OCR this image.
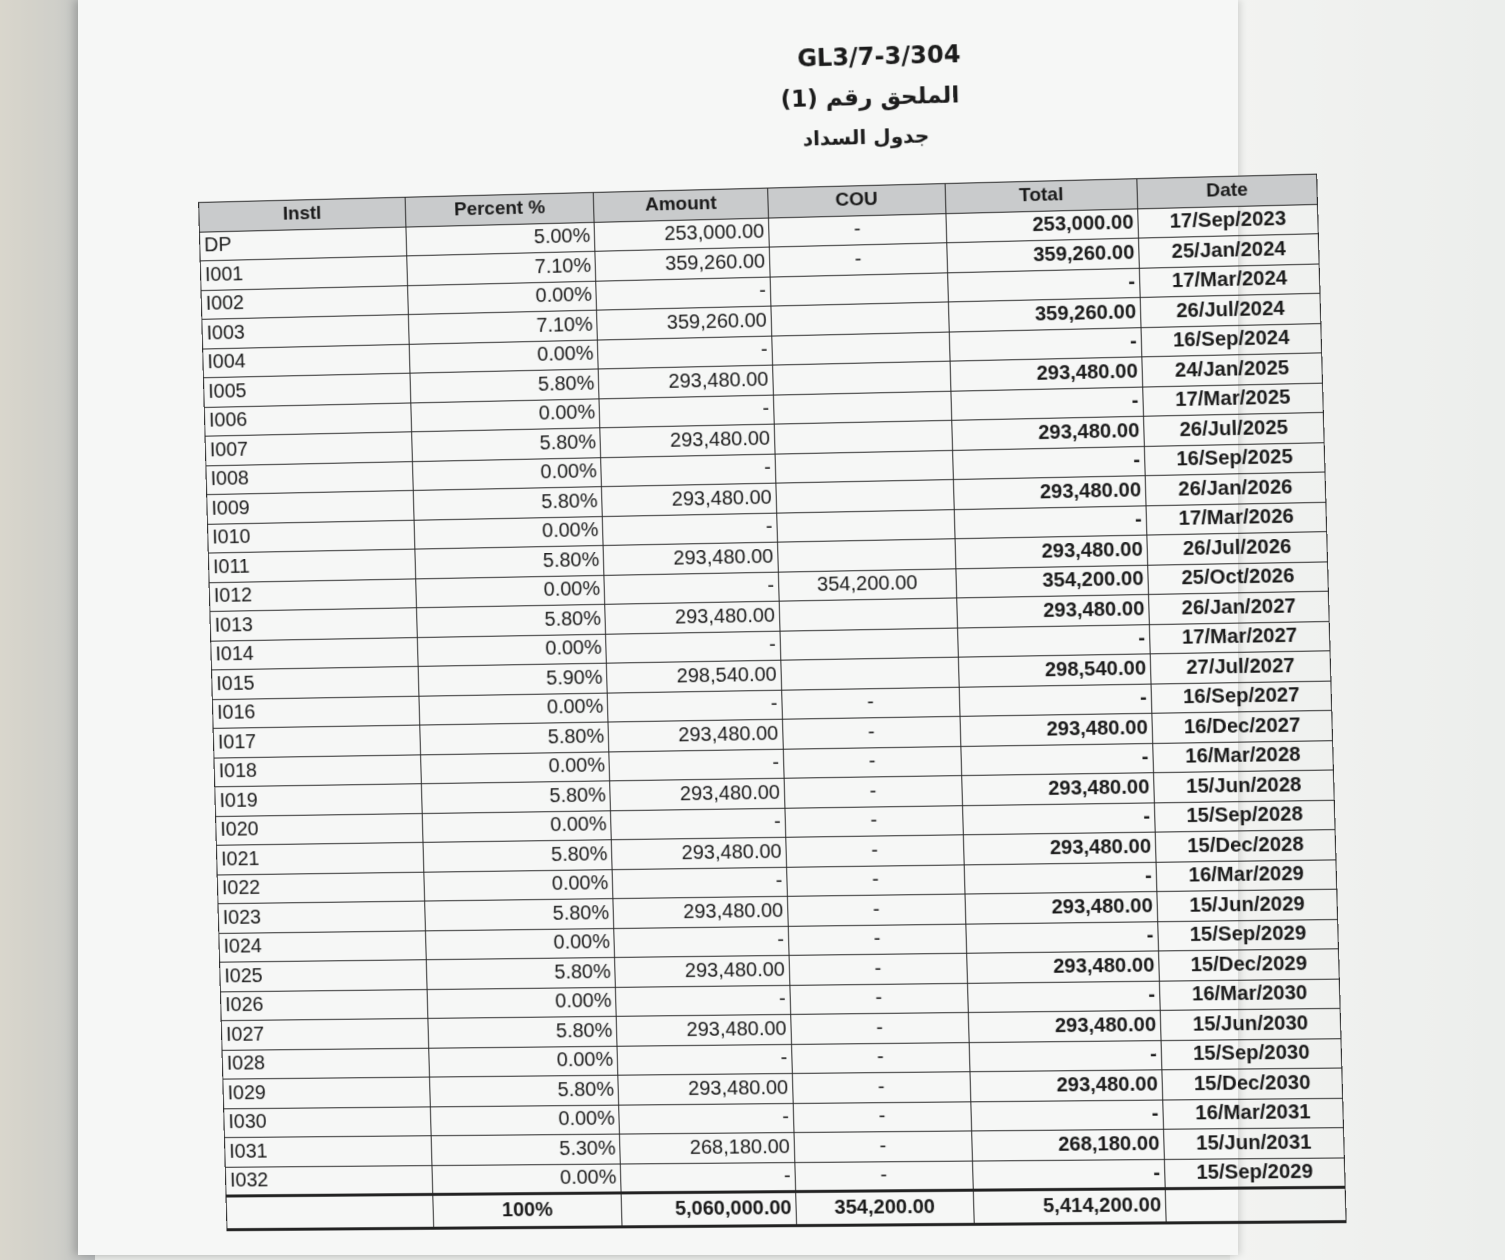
GL3/7-3/304
الملحق رقم (1)
جدول السداد
Instl	Percent %	Amount	COU	Total	Date
DP	5.00%	253,000.00	-	253,000.00	17/Sep/2023
I001	7.10%	359,260.00	-	359,260.00	25/Jan/2024
I002	0.00%	-		-	17/Mar/2024
I003	7.10%	359,260.00		359,260.00	26/Jul/2024
I004	0.00%	-		-	16/Sep/2024
I005	5.80%	293,480.00		293,480.00	24/Jan/2025
I006	0.00%	-		-	17/Mar/2025
I007	5.80%	293,480.00		293,480.00	26/Jul/2025
I008	0.00%	-		-	16/Sep/2025
I009	5.80%	293,480.00		293,480.00	26/Jan/2026
I010	0.00%	-		-	17/Mar/2026
I011	5.80%	293,480.00		293,480.00	26/Jul/2026
I012	0.00%	-	354,200.00	354,200.00	25/Oct/2026
I013	5.80%	293,480.00		293,480.00	26/Jan/2027
I014	0.00%	-		-	17/Mar/2027
I015	5.90%	298,540.00		298,540.00	27/Jul/2027
I016	0.00%	-	-	-	16/Sep/2027
I017	5.80%	293,480.00	-	293,480.00	16/Dec/2027
I018	0.00%	-	-	-	16/Mar/2028
I019	5.80%	293,480.00	-	293,480.00	15/Jun/2028
I020	0.00%	-	-	-	15/Sep/2028
I021	5.80%	293,480.00	-	293,480.00	15/Dec/2028
I022	0.00%	-	-	-	16/Mar/2029
I023	5.80%	293,480.00	-	293,480.00	15/Jun/2029
I024	0.00%	-	-	-	15/Sep/2029
I025	5.80%	293,480.00	-	293,480.00	15/Dec/2029
I026	0.00%	-	-	-	16/Mar/2030
I027	5.80%	293,480.00	-	293,480.00	15/Jun/2030
I028	0.00%	-	-	-	15/Sep/2030
I029	5.80%	293,480.00	-	293,480.00	15/Dec/2030
I030	0.00%	-	-	-	16/Mar/2031
I031	5.30%	268,180.00	-	268,180.00	15/Jun/2031
I032	0.00%	-	-	-	15/Sep/2029
	100%	5,060,000.00	354,200.00	5,414,200.00	
